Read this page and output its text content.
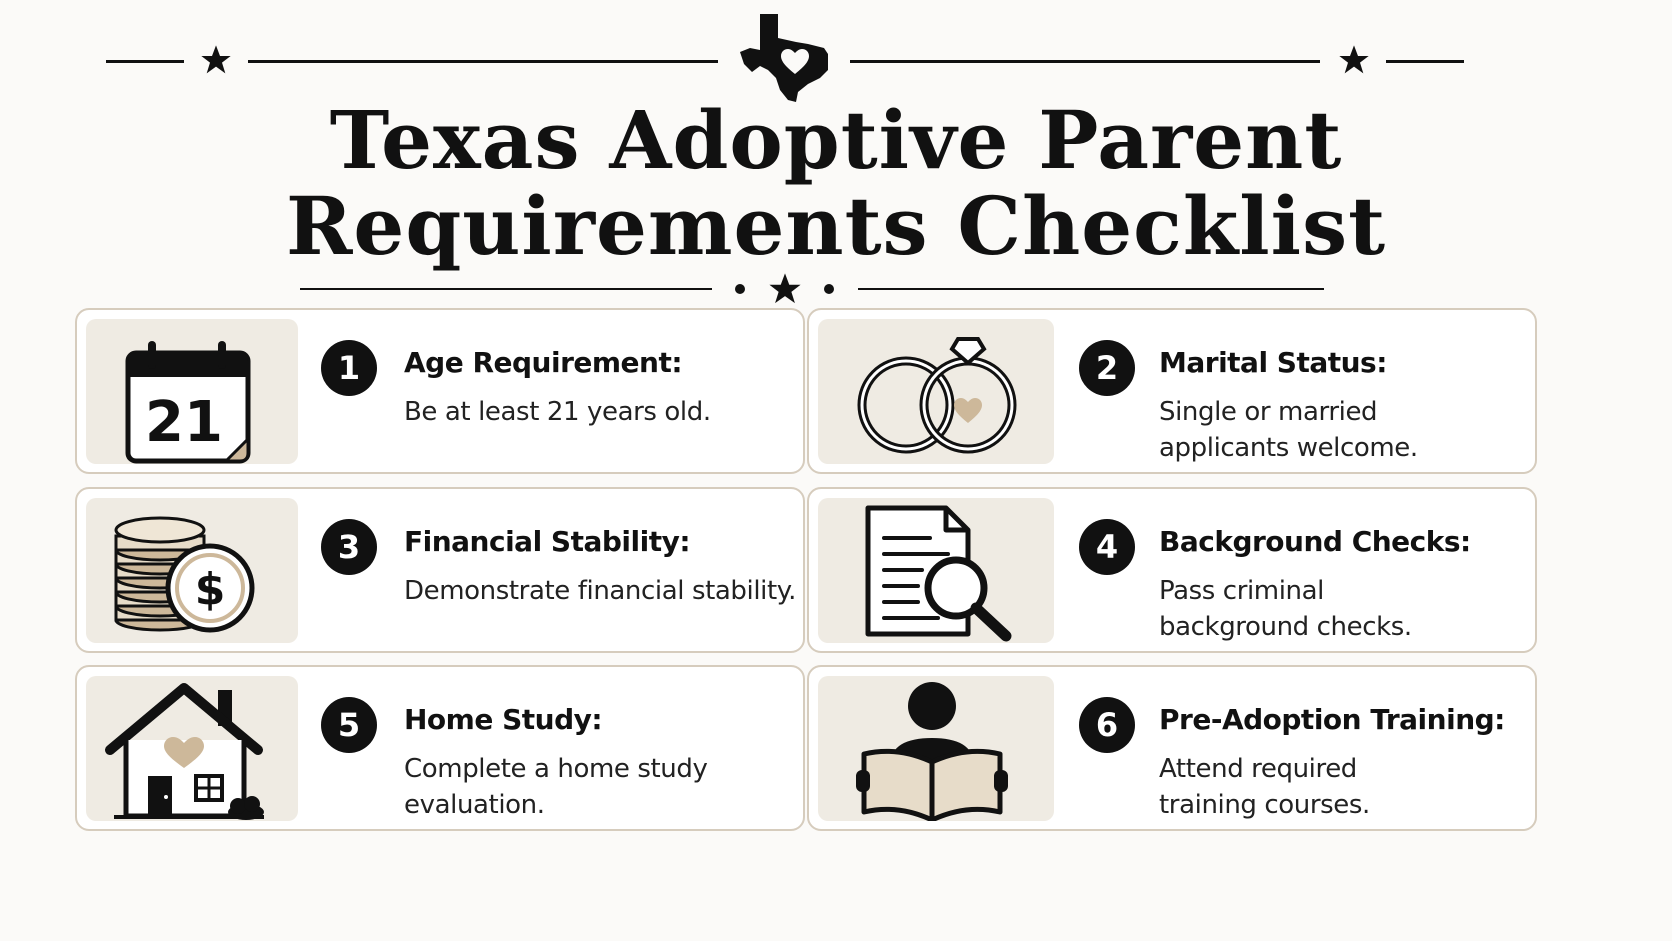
Texas Adoptive Parent
Requirements Checklist
21
1	Age Requirement:
Be at least 21 years old.
2	Marital Status:
Single or married applicants welcome.
$
3	Financial Stability:
Demonstrate financial stability.
4	Background Checks:
Pass criminal background checks.
5	Home Study:
Complete a home study evaluation.
6	Pre-Adoption Training:
Attend required training courses.
